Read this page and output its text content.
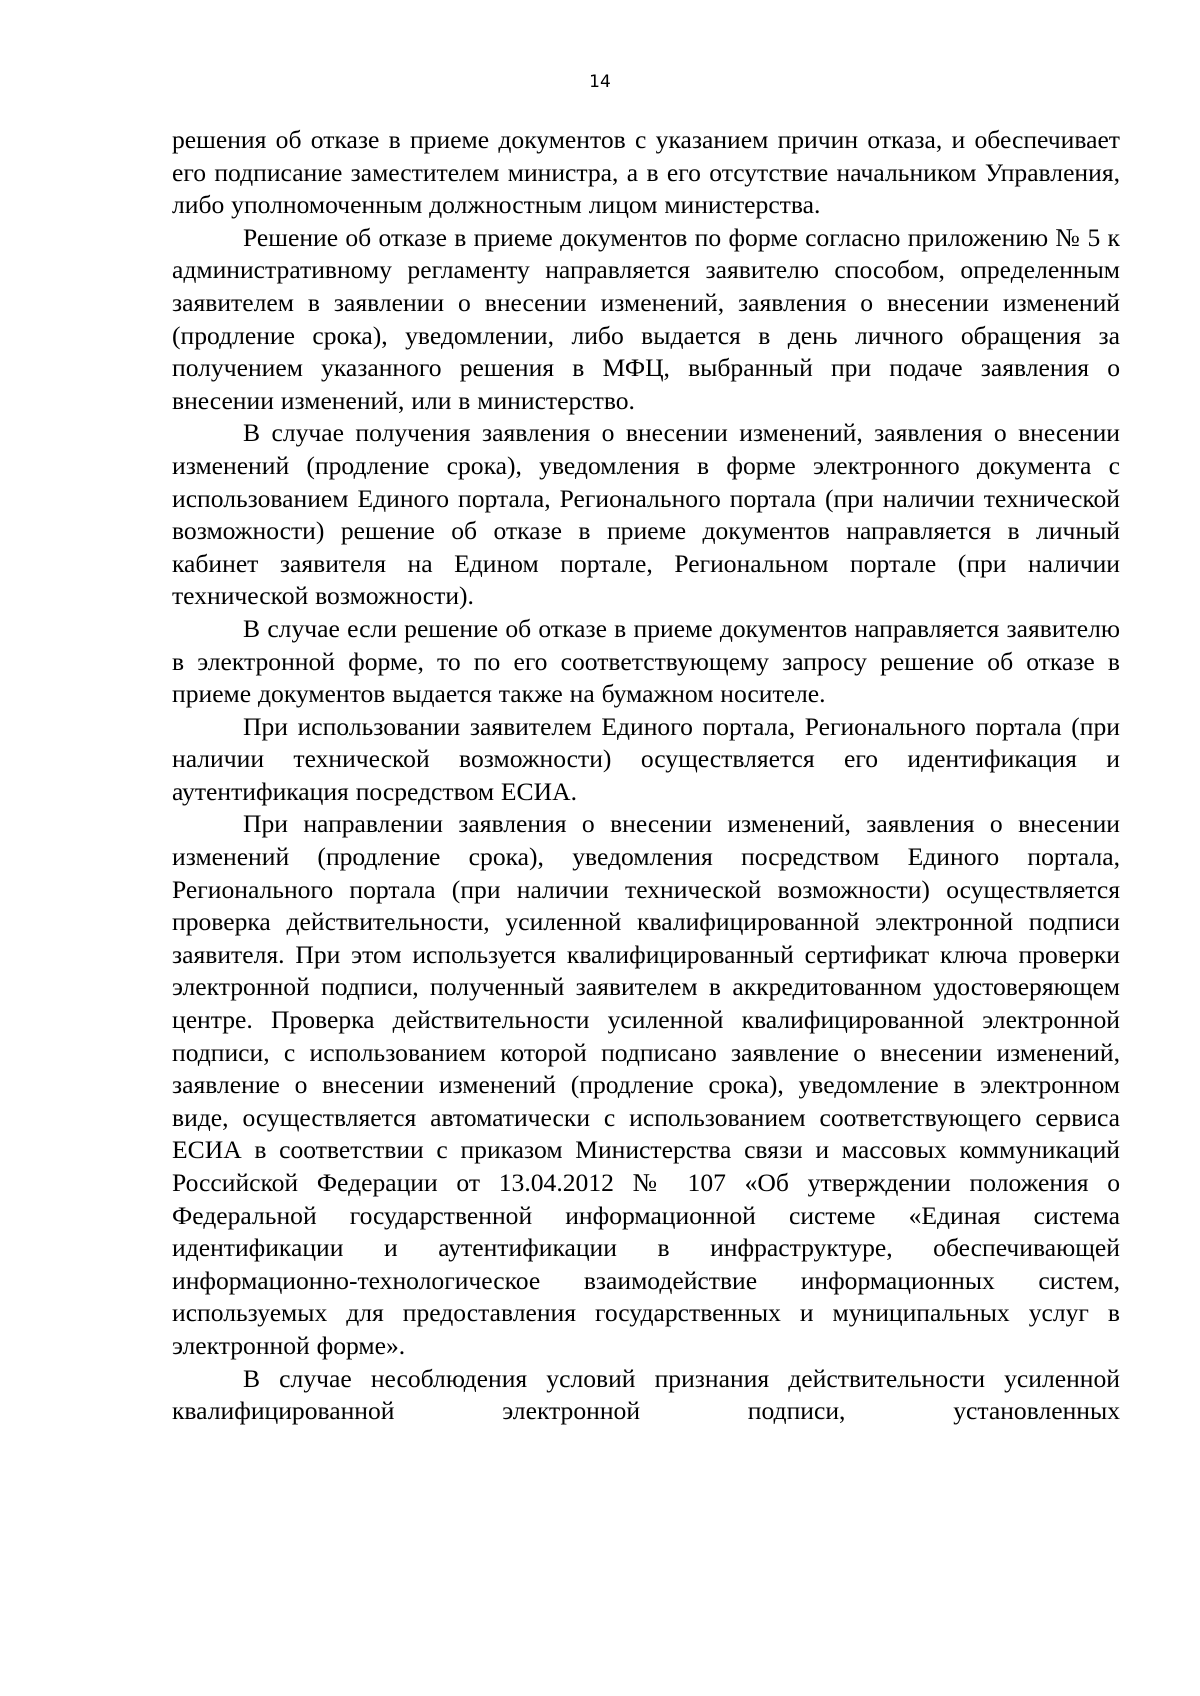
14

решения об отказе в приеме документов с указанием причин отказа, и обеспечивает его подписание заместителем министра, а в его отсутствие начальником Управления, либо уполномоченным должностным лицом министерства.

Решение об отказе в приеме документов по форме согласно приложению № 5 к административному регламенту направляется заявителю способом, определенным заявителем в заявлении о внесении изменений, заявления о внесении изменений (продление срока), уведомлении, либо выдается в день личного обращения за получением указанного решения в МФЦ, выбранный при подаче заявления о внесении изменений, или в министерство.

В случае получения заявления о внесении изменений, заявления о внесении изменений (продление срока), уведомления в форме электронного документа с использованием Единого портала, Регионального портала (при наличии технической возможности) решение об отказе в приеме документов направляется в личный кабинет заявителя на Едином портале, Региональном портале (при наличии технической возможности).

В случае если решение об отказе в приеме документов направляется заявителю в электронной форме, то по его соответствующему запросу решение об отказе в приеме документов выдается также на бумажном носителе.

При использовании заявителем Единого портала, Регионального портала (при наличии технической возможности) осуществляется его идентификация и аутентификация посредством ЕСИА.

При направлении заявления о внесении изменений, заявления о внесении изменений (продление срока), уведомления посредством Единого портала, Регионального портала (при наличии технической возможности) осуществляется проверка действительности, усиленной квалифицированной электронной подписи заявителя. При этом используется квалифицированный сертификат ключа проверки электронной подписи, полученный заявителем в аккредитованном удостоверяющем центре. Проверка действительности усиленной квалифицированной электронной подписи, с использованием которой подписано заявление о внесении изменений, заявление о внесении изменений (продление срока), уведомление в электронном виде, осуществляется автоматически с использованием соответствующего сервиса ЕСИА в соответствии с приказом Министерства связи и массовых коммуникаций Российской Федерации от 13.04.2012 № 107 «Об утверждении положения о Федеральной государственной информационной системе «Единая система идентификации и аутентификации в инфраструктуре, обеспечивающей информационно-технологическое взаимодействие информационных систем, используемых для предоставления государственных и муниципальных услуг в электронной форме».

В случае несоблюдения условий признания действительности усиленной квалифицированной электронной подписи, установленных
